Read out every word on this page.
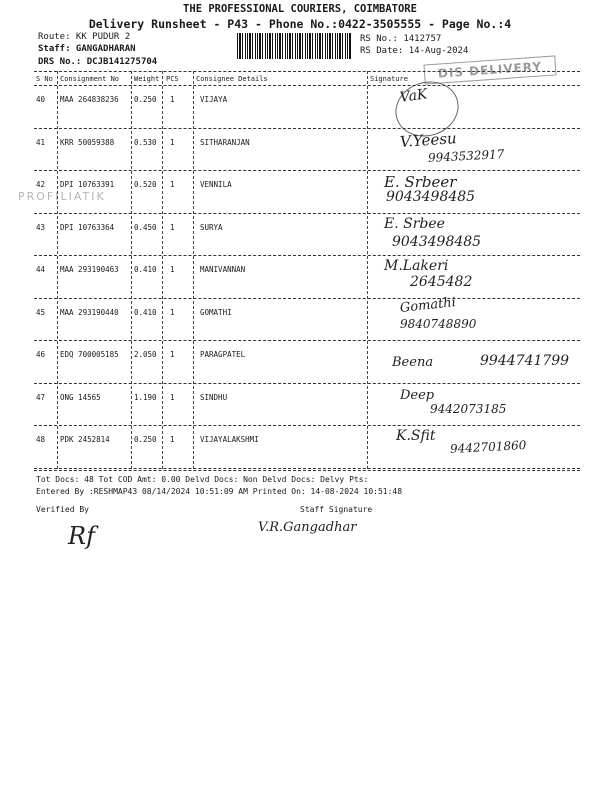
THE PROFESSIONAL COURIERS, COIMBATORE
Delivery Runsheet - P43 - Phone No.:0422-3505555 - Page No.:4
Route: KK PUDUR 2
Staff: GANGADHARAN
DRS No.: DCJB141275704
RS No.: 1412757
RS Date: 14-Aug-2024
DIS DELIVERY
PROFILIATIK
S No Consignment No Weight PCS Consignee Details	Signature
40 MAA 264838236 0.250 1	VIJAYA	VaK
41 KRR 50059388	0.530 1	SITHARANJAN	V.Yeesu
9943532917
42 DPI 10763391	0.520 1	VENNILA	E. Srbeer
9043498485
43 DPI 10763364	0.450 1	SURYA	E. Srbee
9043498485
44 MAA 293190463 0.410 1	MANIVANNAN	M.Lakeri
2645482
45 MAA 293190440 0.410 1	GOMATHI	Gomathi
9840748890
46 EDQ 700005185 2.050 1	PARAGPATEL
Beena	9944741799
47 ONG 14565	1.190 1	SINDHU	Deep
9442073185
48 PDK 2452814	0.250 1	VIJAYALAKSHMI	K.Sfit
9442701860
Tot Docs: 48 Tot COD Amt: 0.00 Delvd Docs: Non Delvd Docs: Delvy Pts:
Entered By :RESHMAP43 08/14/2024 10:51:09 AM Printed On: 14-08-2024 10:51:48
Verified By	Staff Signature
Rf	V.R.Gangadhar
